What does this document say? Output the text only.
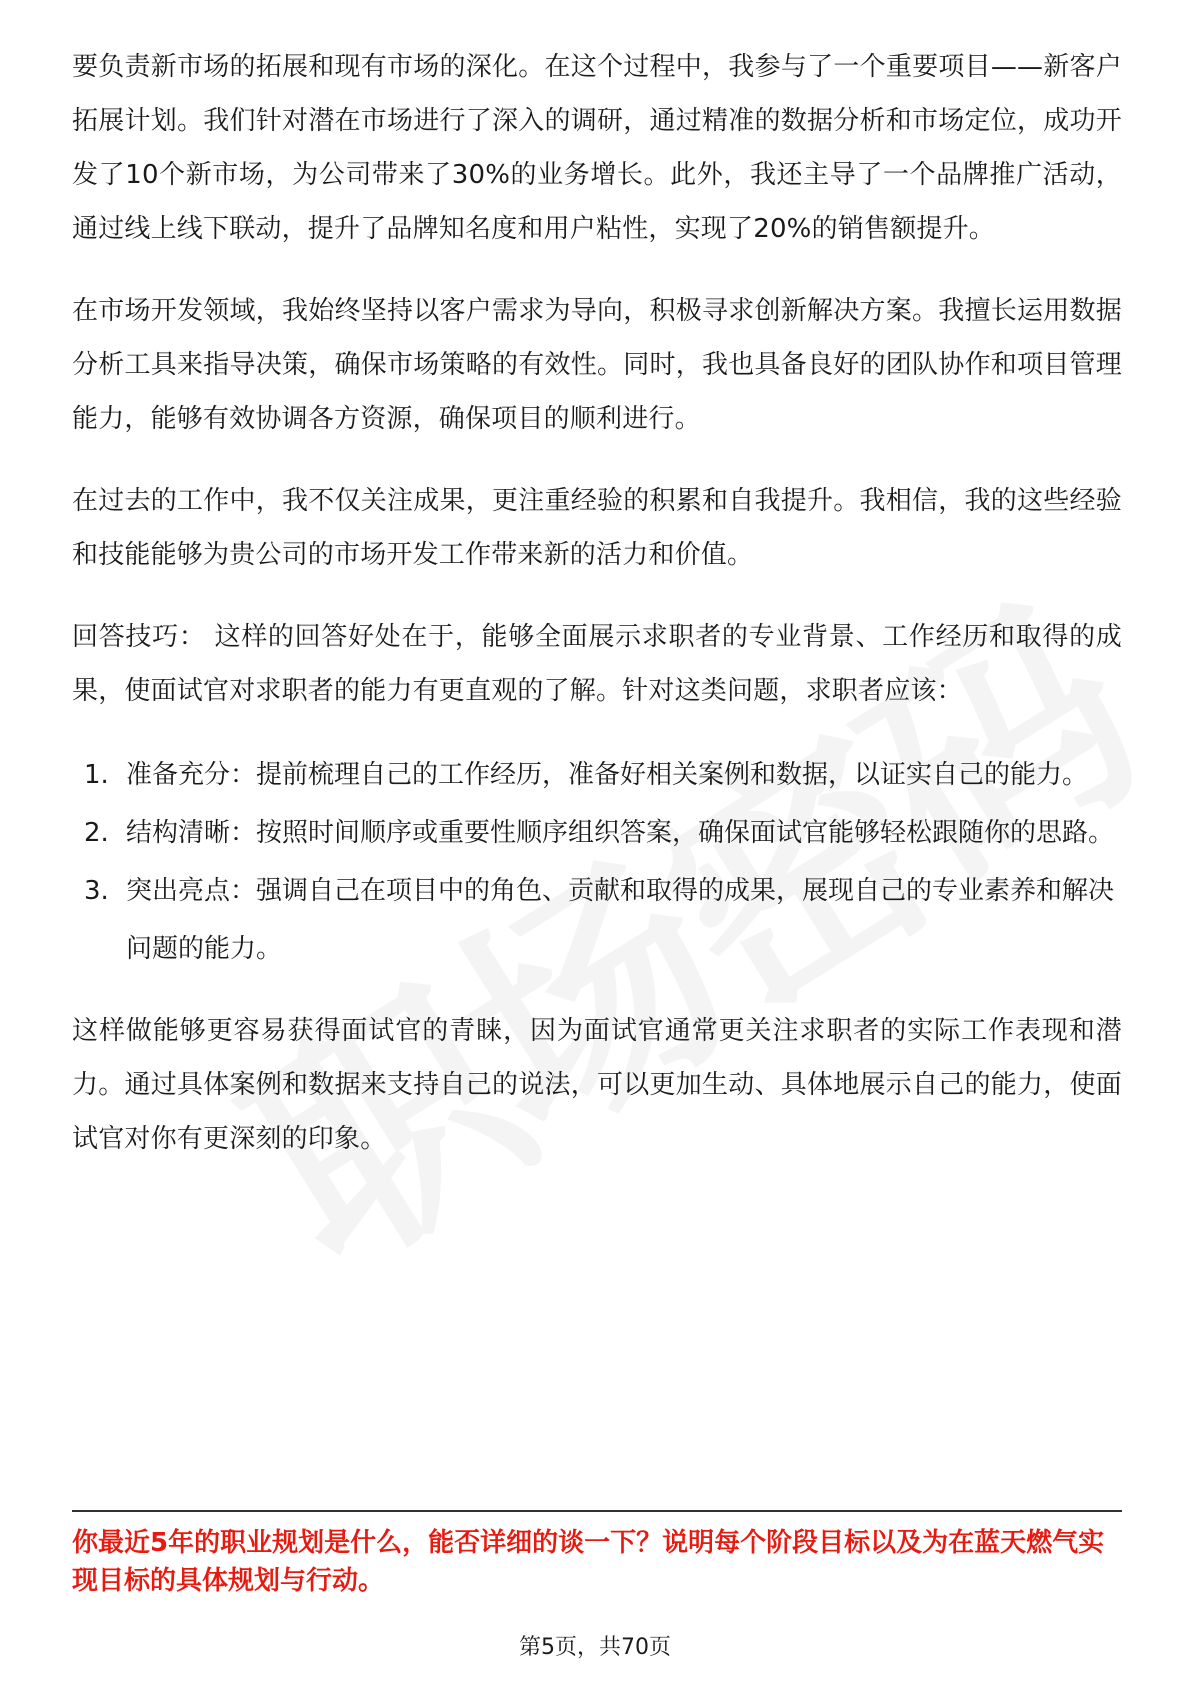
要负责新市场的拓展和现有市场的深化。在这个过程中，我参与了一个重要项目——新客户拓展计划。我们针对潜在市场进行了深入的调研，通过精准的数据分析和市场定位，成功开发了10个新市场，为公司带来了30%的业务增长。此外，我还主导了一个品牌推广活动，通过线上线下联动，提升了品牌知名度和用户粘性，实现了20%的销售额提升。

在市场开发领域，我始终坚持以客户需求为导向，积极寻求创新解决方案。我擅长运用数据分析工具来指导决策，确保市场策略的有效性。同时，我也具备良好的团队协作和项目管理能力，能够有效协调各方资源，确保项目的顺利进行。

在过去的工作中，我不仅关注成果，更注重经验的积累和自我提升。我相信，我的这些经验和技能能够为贵公司的市场开发工作带来新的活力和价值。

回答技巧： 这样的回答好处在于，能够全面展示求职者的专业背景、工作经历和取得的成果，使面试官对求职者的能力有更直观的了解。针对这类问题，求职者应该：

1. 准备充分：提前梳理自己的工作经历，准备好相关案例和数据，以证实自己的能力。
2. 结构清晰：按照时间顺序或重要性顺序组织答案，确保面试官能够轻松跟随你的思路。
3. 突出亮点：强调自己在项目中的角色、贡献和取得的成果，展现自己的专业素养和解决问题的能力。

这样做能够更容易获得面试官的青睐，因为面试官通常更关注求职者的实际工作表现和潜力。通过具体案例和数据来支持自己的说法，可以更加生动、具体地展示自己的能力，使面试官对你有更深刻的印象。

你最近5年的职业规划是什么，能否详细的谈一下？说明每个阶段目标以及为在蓝天燃气实现目标的具体规划与行动。
第5页，共70页
